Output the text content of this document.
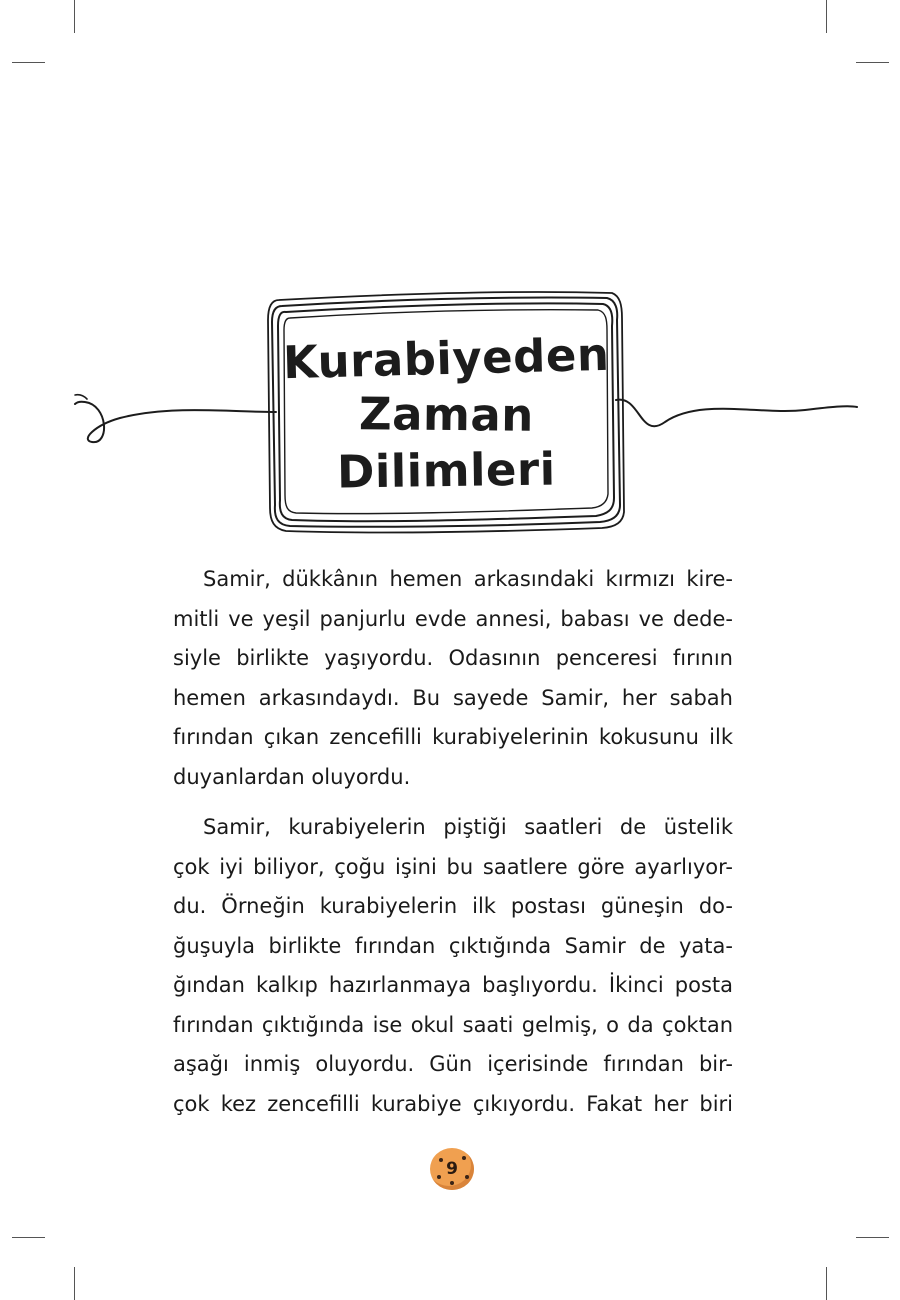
Kurabiyeden
Zaman
Dilimleri

Samir, dükkânın hemen arkasındaki kırmızı kire-
mitli ve yeşil panjurlu evde annesi, babası ve dede-
siyle birlikte yaşıyordu. Odasının penceresi fırının
hemen arkasındaydı. Bu sayede Samir, her sabah
fırından çıkan zencefilli kurabiyelerinin kokusunu ilk
duyanlardan oluyordu.

Samir, kurabiyelerin piştiği saatleri de üstelik
çok iyi biliyor, çoğu işini bu saatlere göre ayarlıyor-
du. Örneğin kurabiyelerin ilk postası güneşin do-
ğuşuyla birlikte fırından çıktığında Samir de yata-
ğından kalkıp hazırlanmaya başlıyordu. İkinci posta
fırından çıktığında ise okul saati gelmiş, o da çoktan
aşağı inmiş oluyordu. Gün içerisinde fırından bir-
çok kez zencefilli kurabiye çıkıyordu. Fakat her biri

9
